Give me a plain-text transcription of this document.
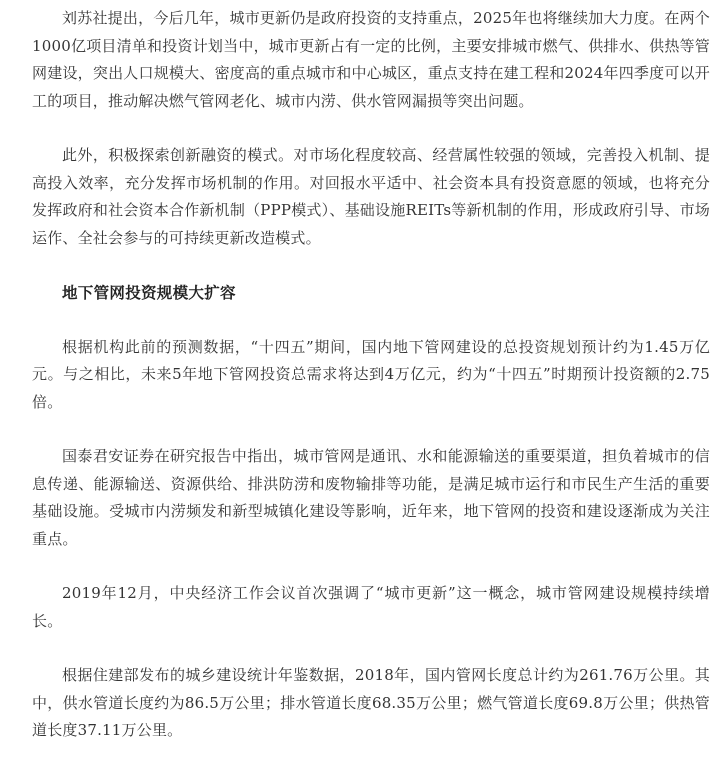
刘苏社提出，今后几年，城市更新仍是政府投资的支持重点，2025年也将继续加大力度。在两个1000亿项目清单和投资计划当中，城市更新占有一定的比例，主要安排城市燃气、供排水、供热等管网建设，突出人口规模大、密度高的重点城市和中心城区，重点支持在建工程和2024年四季度可以开工的项目，推动解决燃气管网老化、城市内涝、供水管网漏损等突出问题。

此外，积极探索创新融资的模式。对市场化程度较高、经营属性较强的领域，完善投入机制、提高投入效率，充分发挥市场机制的作用。对回报水平适中、社会资本具有投资意愿的领域，也将充分发挥政府和社会资本合作新机制（PPP模式）、基础设施REITs等新机制的作用，形成政府引导、市场运作、全社会参与的可持续更新改造模式。

地下管网投资规模大扩容

根据机构此前的预测数据，“十四五”期间，国内地下管网建设的总投资规划预计约为1.45万亿元。与之相比，未来5年地下管网投资总需求将达到4万亿元，约为“十四五”时期预计投资额的2.75倍。

国泰君安证券在研究报告中指出，城市管网是通讯、水和能源输送的重要渠道，担负着城市的信息传递、能源输送、资源供给、排洪防涝和废物输排等功能，是满足城市运行和市民生产生活的重要基础设施。受城市内涝频发和新型城镇化建设等影响，近年来，地下管网的投资和建设逐渐成为关注重点。

2019年12月，中央经济工作会议首次强调了“城市更新”这一概念，城市管网建设规模持续增长。

根据住建部发布的城乡建设统计年鉴数据，2018年，国内管网长度总计约为261.76万公里。其中，供水管道长度约为86.5万公里；排水管道长度68.35万公里；燃气管道长度69.8万公里；供热管道长度37.11万公里。
